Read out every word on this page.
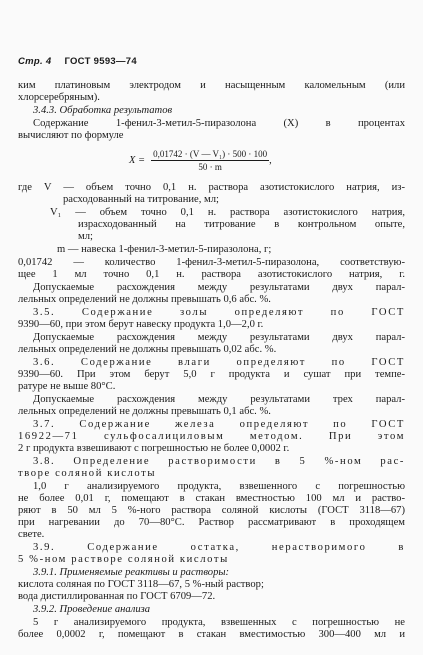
Стр. 4 ГОСТ 9593—74
ким платиновым электродом и насыщенным каломельным (или
хлорсеребряным).
3.4.3. Обработка результатов
Содержание 1-фенил-3-метил-5-пиразолона (X) в процентах
вычисляют по формуле
$X = \frac{\text{0,01742 · (V — V₁) · 500 · 100}}{50 \cdot m}$ ,
где V — объем точно 0,1 н. раствора азотистокислого натрия, из-
расходованный на титрование, мл;
V₁ — объем точно 0,1 н. раствора азотистокислого натрия,
израсходованный на титрование в контрольном опыте,
мл;
m — навеска 1-фенил-3-метил-5-пиразолона, г;
0,01742 — количество 1-фенил-3-метил-5-пиразолона, соответствую-
щее 1 мл точно 0,1 н. раствора азотистокислого натрия, г.
Допускаемые расхождения между результатами двух парал-
лельных определений не должны превышать 0,6 абс. %.
3.5. Содержание золы определяют по ГОСТ
9390—60, при этом берут навеску продукта 1,0—2,0 г.
Допускаемые расхождения между результатами двух парал-
лельных определений не должны превышать 0,02 абс. %.
3.6. Содержание влаги определяют по ГОСТ
9390—60. При этом берут 5,0 г продукта и сушат при темпе-
ратуре не выше 80°С.
Допускаемые расхождения между результатами трех парал-
лельных определений не должны превышать 0,1 абс. %.
3.7. Содержание железа определяют по ГОСТ
16922—71 сульфосалициловым методом. При этом
2 г продукта взвешивают с погрешностью не более 0,0002 г.
3.8. Определение растворимости в 5 %-ном рас-
творе соляной кислоты
1,0 г анализируемого продукта, взвешенного с погрешностью
не более 0,01 г, помещают в стакан вместностью 100 мл и раство-
ряют в 50 мл 5 %-ного раствора соляной кислоты (ГОСТ 3118—67)
при нагревании до 70—80°С. Раствор рассматривают в проходящем
свете.
3.9. Содержание остатка, нерастворимого в
5 %-ном растворе соляной кислоты
3.9.1. Применяемые реактивы и растворы:
кислота соляная по ГОСТ 3118—67, 5 %-ный раствор;
вода дистиллированная по ГОСТ 6709—72.
3.9.2. Проведение анализа
5 г анализируемого продукта, взвешенных с погрешностью не
более 0,0002 г, помещают в стакан вместимостью 300—400 мл и
